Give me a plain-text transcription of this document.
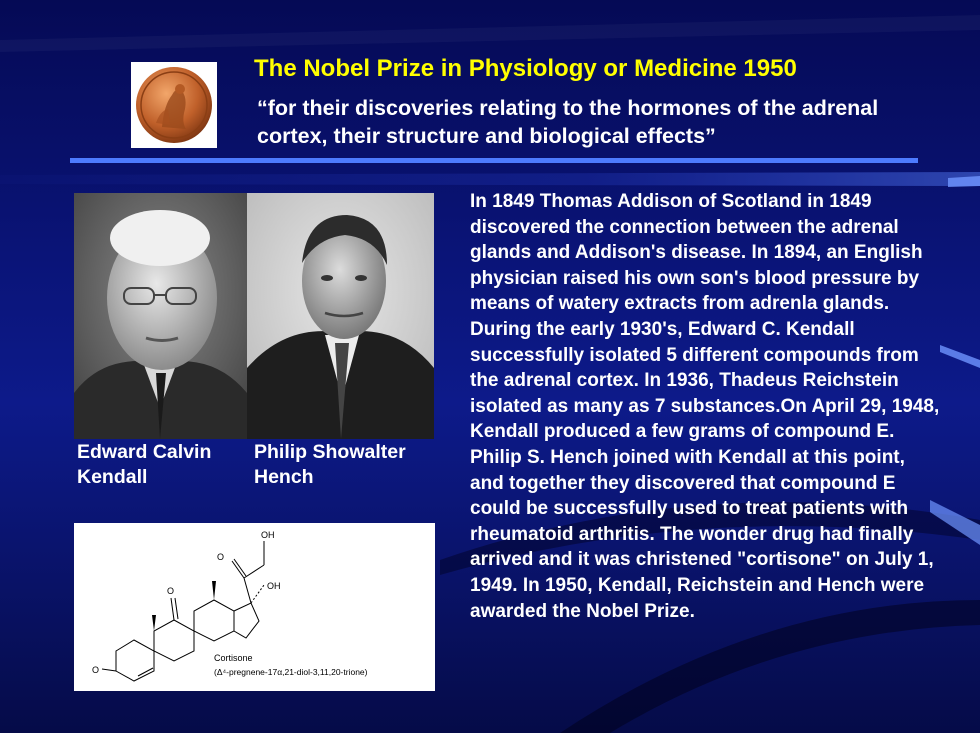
The Nobel Prize in Physiology or Medicine 1950

“for their discoveries relating to the hormones of the adrenal cortex, their structure and biological effects”

Edward Calvin Kendall

Philip Showalter Hench

OH
O
O	OH
O
Cortisone
(Δ⁴-pregnene-17α,21-diol-3,11,20-trione)

In 1849 Thomas Addison of Scotland in 1849 discovered the connection between the adrenal glands and Addison's disease. In 1894, an English physician raised his own son's blood pressure by means of watery extracts from adrenla glands. During the early 1930's, Edward C. Kendall successfully isolated 5 different compounds from the adrenal cortex. In 1936, Thadeus Reichstein isolated as many as 7 substances.On April 29, 1948, Kendall produced a few grams of compound E. Philip S. Hench joined with Kendall at this point, and together they discovered that compound E could be successfully used to treat patients with rheumatoid arthritis. The wonder drug had finally arrived and it was christened "cortisone" on July 1, 1949. In 1950, Kendall, Reichstein and Hench were awarded the Nobel Prize.
